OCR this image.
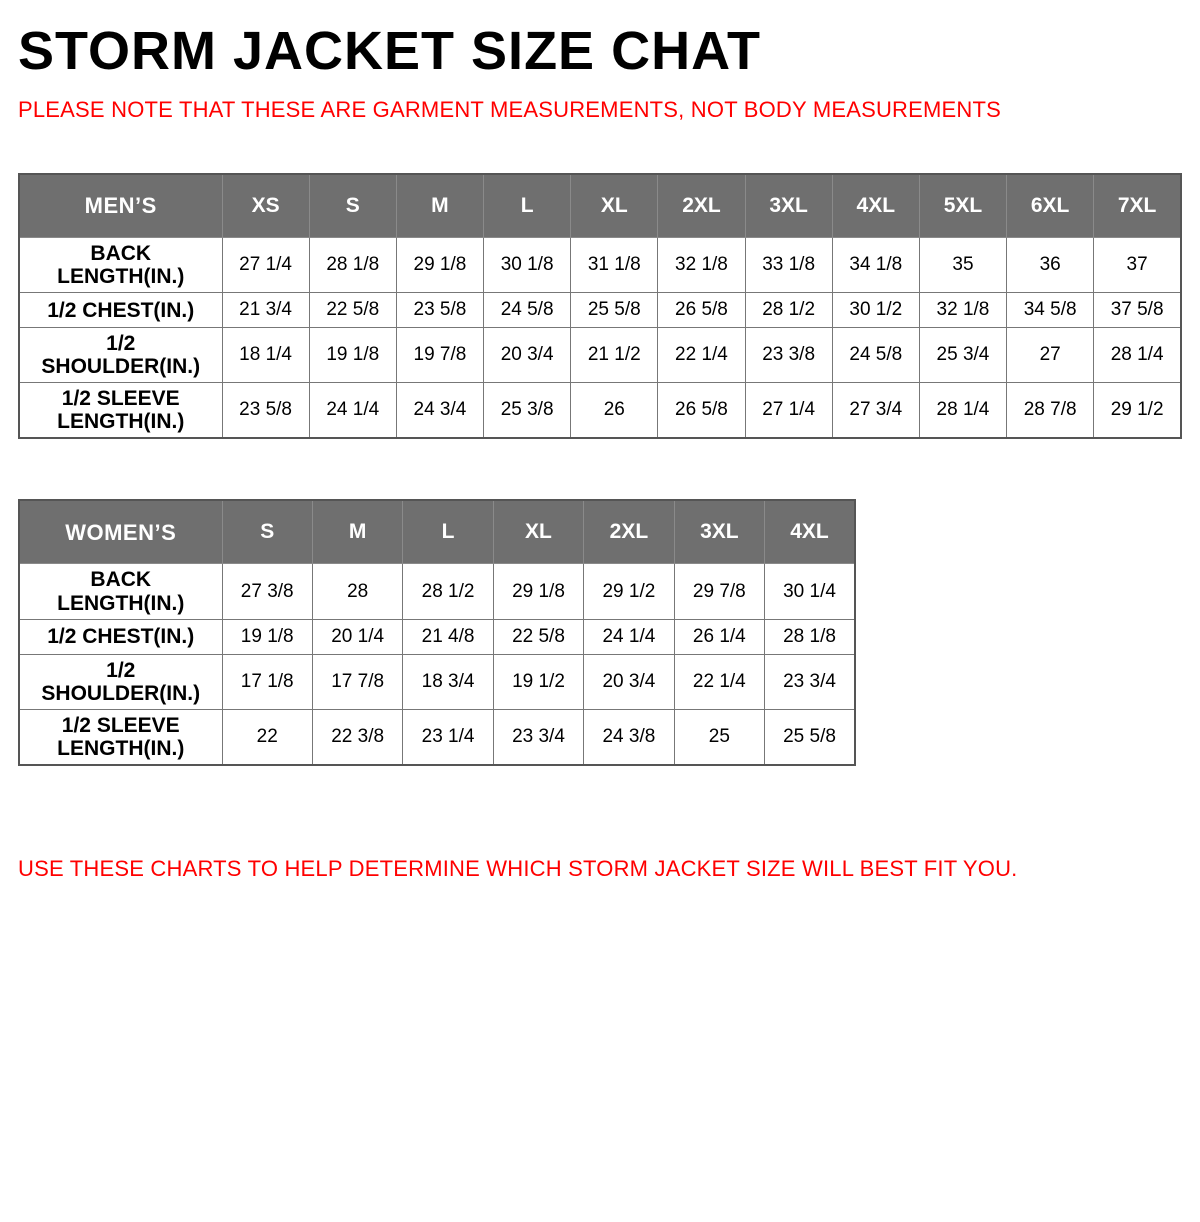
STORM JACKET SIZE CHAT

PLEASE NOTE THAT THESE ARE GARMENT MEASUREMENTS, NOT BODY MEASUREMENTS

MEN’S	XS	S	M	L	XL	2XL	3XL	4XL	5XL	6XL	7XL
BACK LENGTH(IN.)	27 1/4	28 1/8	29 1/8	30 1/8	31 1/8	32 1/8	33 1/8	34 1/8	35	36	37
1/2 CHEST(IN.)	21 3/4	22 5/8	23 5/8	24 5/8	25 5/8	26 5/8	28 1/2	30 1/2	32 1/8	34 5/8	37 5/8
1/2 SHOULDER(IN.)	18 1/4	19 1/8	19 7/8	20 3/4	21 1/2	22 1/4	23 3/8	24 5/8	25 3/4	27	28 1/4
1/2 SLEEVE LENGTH(IN.)	23 5/8	24 1/4	24 3/4	25 3/8	26	26 5/8	27 1/4	27 3/4	28 1/4	28 7/8	29 1/2
WOMEN’S	S	M	L	XL	2XL	3XL	4XL
BACK LENGTH(IN.)	27 3/8	28	28 1/2	29 1/8	29 1/2	29 7/8	30 1/4
1/2 CHEST(IN.)	19 1/8	20 1/4	21 4/8	22 5/8	24 1/4	26 1/4	28 1/8
1/2 SHOULDER(IN.)	17 1/8	17 7/8	18 3/4	19 1/2	20 3/4	22 1/4	23 3/4
1/2 SLEEVE LENGTH(IN.)	22	22 3/8	23 1/4	23 3/4	24 3/8	25	25 5/8

USE THESE CHARTS TO HELP DETERMINE WHICH STORM JACKET SIZE WILL BEST FIT YOU.
